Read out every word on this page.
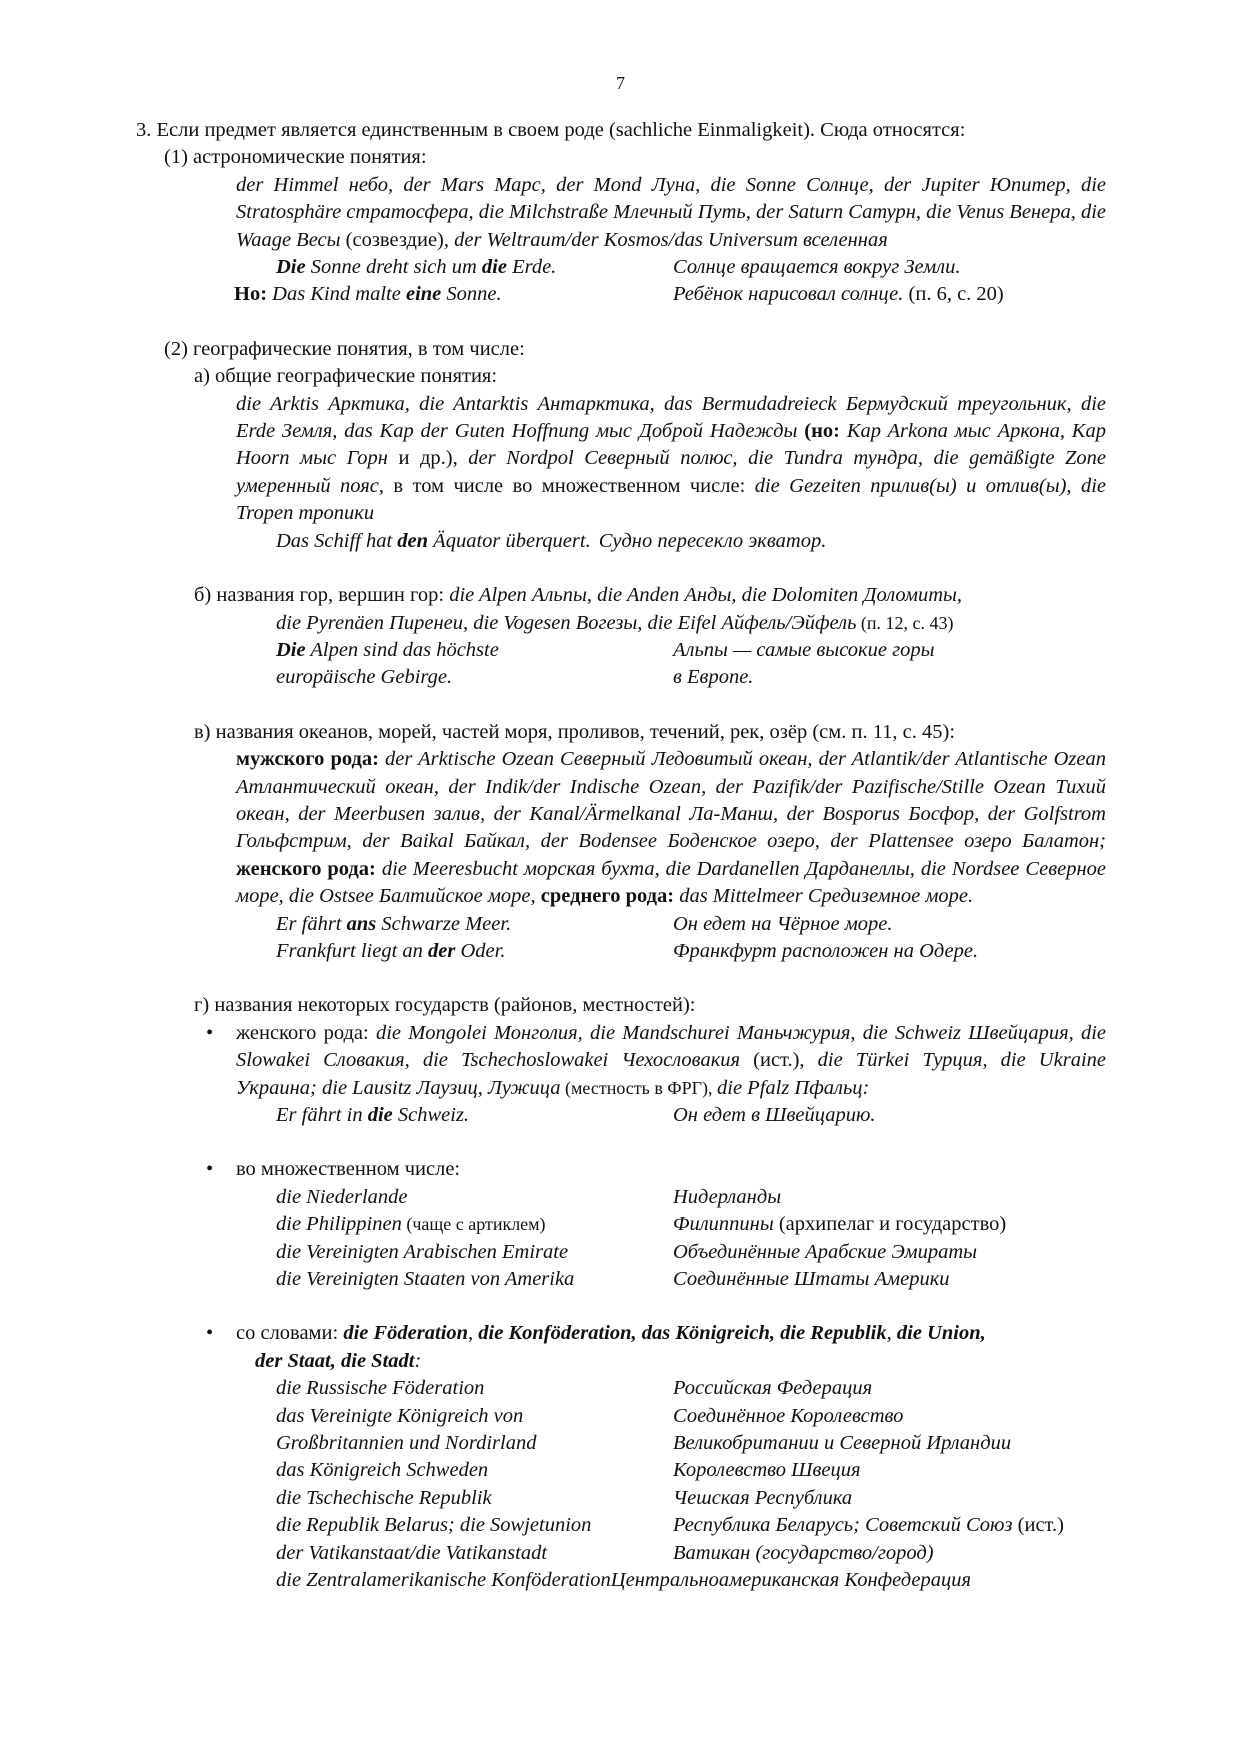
7

3. Если предмет является единственным в своем роде (sachliche Einmaligkeit). Сюда относятся:

(1) астрономические понятия:

der Himmel небо, der Mars Марс, der Mond Луна, die Sonne Солнце, der Jupiter Юпитер, die Stratosphäre стратосфера, die Milchstraße Млечный Путь, der Saturn Сатурн, die Venus Венера, die Waage Весы (созвездие), der Weltraum/der Kosmos/das Universum вселенная

Die Sonne dreht sich um die Erde.	Солнце вращается вокруг Земли.
Но: Das Kind malte eine Sonne.	Ребёнок нарисовал солнце. (п. 6, с. 20)

(2) географические понятия, в том числе:

а) общие географические понятия:

die Arktis Арктика, die Antarktis Антарктика, das Bermudadreieck Бермудский треугольник, die Erde Земля, das Kap der Guten Hoffnung мыс Доброй Надежды (но: Kap Arkona мыс Аркона, Kap Hoorn мыс Горн и др.), der Nordpol Северный полюс, die Tundra тундра, die gemäßigte Zone умеренный пояс, в том числе во множественном числе: die Gezeiten прилив(ы) и отлив(ы), die Tropen тропики

Das Schiff hat den Äquator überquert. Судно пересекло экватор.

б) названия гор, вершин гор: die Alpen Альпы, die Anden Анды, die Dolomiten Доломиты,

die Pyrenäen Пиренеи, die Vogesen Вогезы, die Eifel Айфель/Эйфель (п. 12, с. 43)

Die Alpen sind das höchste	Альпы — самые высокие горы
europäische Gebirge.	в Европе.

в) названия океанов, морей, частей моря, проливов, течений, рек, озёр (см. п. 11, с. 45):

мужского рода: der Arktische Ozean Северный Ледовитый океан, der Atlantik/der Atlantische Ozean Атлантический океан, der Indik/der Indische Ozean, der Pazifik/der Pazifische/Stille Ozean Тихий океан, der Meerbusen залив, der Kanal/Ärmelkanal Ла-Манш, der Bosporus Босфор, der Golfstrom Гольфстрим, der Baikal Байкал, der Bodensee Боденское озеро, der Plattensee озеро Балатон; женского рода: die Meeresbucht морская бухта, die Dardanellen Дарданеллы, die Nordsee Северное море, die Ostsee Балтийское море, среднего рода: das Mittelmeer Средиземное море.

Er fährt ans Schwarze Meer.	Он едет на Чёрное море.
Frankfurt liegt an der Oder.	Франкфурт расположен на Одере.

г) названия некоторых государств (районов, местностей):

• женского рода: die Mongolei Монголия, die Mandschurei Маньчжурия, die Schweiz Швейцария, die Slowakei Словакия, die Tschechoslowakei Чехословакия (ист.), die Türkei Турция, die Ukraine Украина; die Lausitz Лаузиц, Лужица (местность в ФРГ), die Pfalz Пфальц:

Er fährt in die Schweiz.	Он едет в Швейцарию.

• во множественном числе:

die Niederlande	Нидерланды
die Philippinen (чаще с артиклем)	Филиппины (архипелаг и государство)
die Vereinigten Arabischen Emirate	Объединённые Арабские Эмираты
die Vereinigten Staaten von Amerika	Соединённые Штаты Америки

• со словами: die Föderation, die Konföderation, das Königreich, die Republik, die Union,

der Staat, die Stadt:

die Russische Föderation	Российская Федерация
das Vereinigte Königreich von	Соединённое Королевство
Großbritannien und Nordirland	Великобритании и Северной Ирландии
das Königreich Schweden	Королевство Швеция
die Tschechische Republik	Чешская Республика
die Republik Belarus; die Sowjetunion	Республика Беларусь; Советский Союз (ист.)
der Vatikanstaat/die Vatikanstadt	Ватикан (государство/город)
die Zentralamerikanische Konföderation Центральноамериканская Конфедерация
